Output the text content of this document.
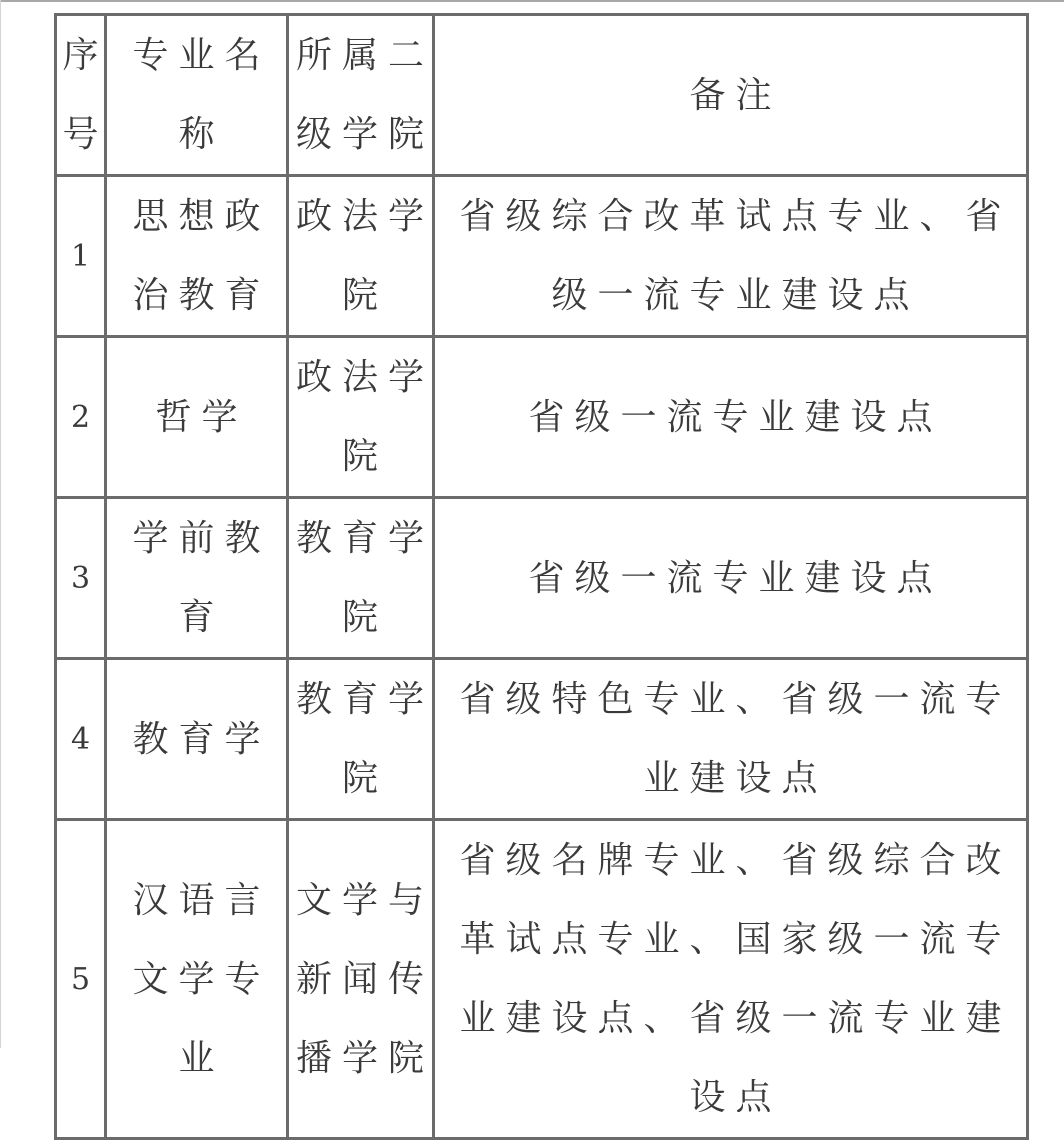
序号	专业名称	所属二级学院	备注

1	思想政治教育	政法学院	省级综合改革试点专业、省级一流专业建设点

2	哲学	政法学院	省级一流专业建设点

3	学前教育	教育学院	省级一流专业建设点

4	教育学	教育学院	省级特色专业、省级一流专业建设点

5	汉语言文学专业	文学与新闻传播学院	省级名牌专业、省级综合改革试点专业、国家级一流专业建设点、省级一流专业建设点
